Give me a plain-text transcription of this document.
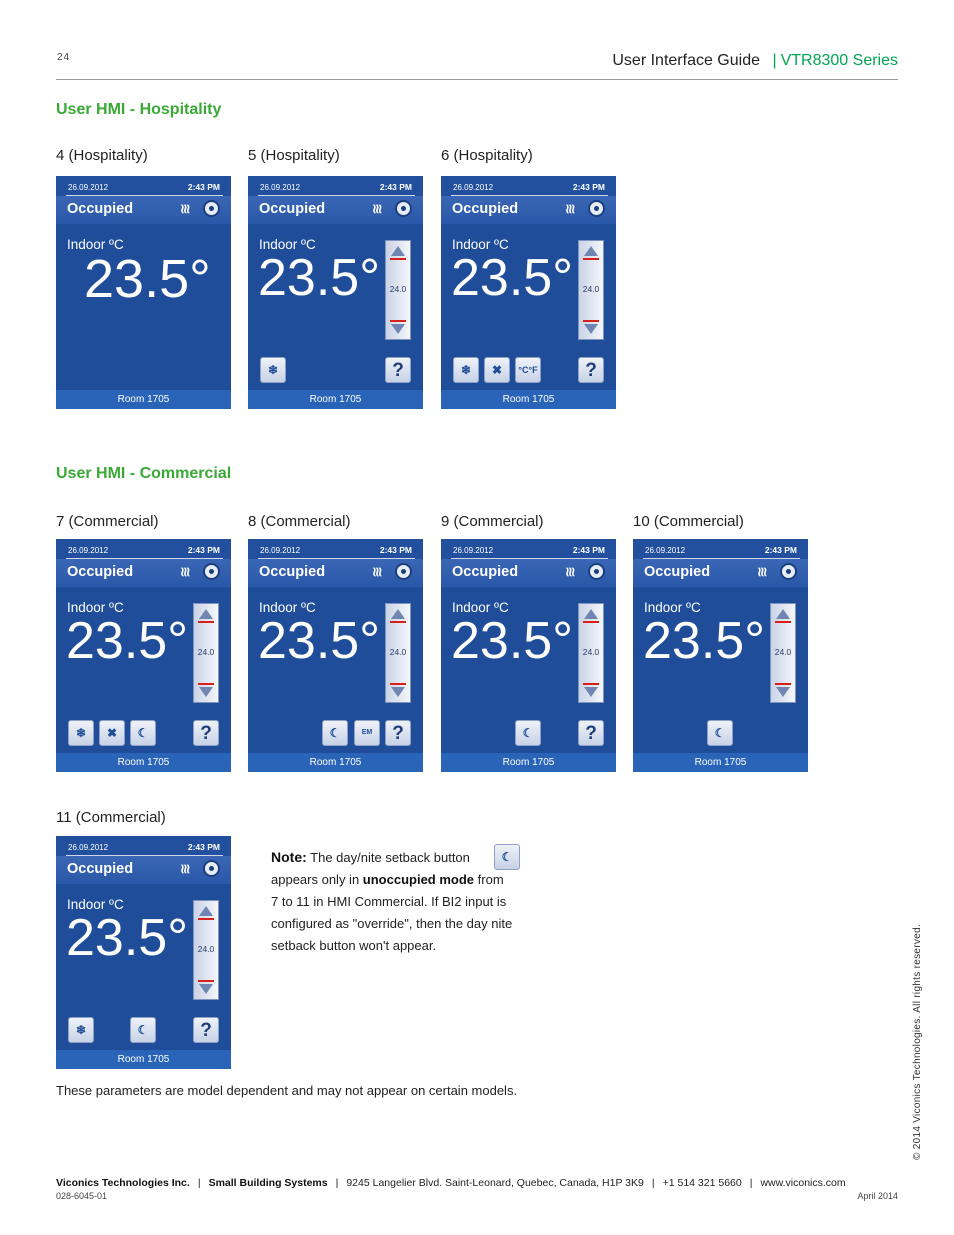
24	User Interface Guide | VTR8300 Series
User HMI - Hospitality
4 (Hospitality)
26.09.2012	2:43 PM
Occupied	≀≀≀
Indoor ºC
23.5°
Room 1705
5 (Hospitality)
26.09.2012	2:43 PM
Occupied	≀≀≀
Indoor ºC
23.5°	24.0
❄	?
Room 1705
6 (Hospitality)
26.09.2012	2:43 PM
Occupied	≀≀≀
Indoor ºC
23.5°	24.0
❄	✖	°C°F	?
Room 1705
User HMI - Commercial
7 (Commercial)
26.09.2012	2:43 PM
Occupied	≀≀≀
Indoor ºC
23.5°	24.0
❄	✖	☾	?
Room 1705
8 (Commercial)
26.09.2012	2:43 PM
Occupied	≀≀≀
Indoor ºC
23.5°	24.0
☾	EM	?
Room 1705
9 (Commercial)
26.09.2012	2:43 PM
Occupied	≀≀≀
Indoor ºC
23.5°	24.0
☾	?
Room 1705
10 (Commercial)
26.09.2012	2:43 PM
Occupied	≀≀≀
Indoor ºC
23.5°	24.0
☾
Room 1705
11 (Commercial)
26.09.2012	2:43 PM
Occupied	≀≀≀
Indoor ºC
23.5°	24.0
❄	☾	?
Room 1705
Note: The day/nite setback button
appears only in unoccupied mode from
7 to 11 in HMI Commercial. If BI2 input is configured as "override", then the day nite setback button won't appear.
☾
These parameters are model dependent and may not appear on certain models.	© 2014 Viconics Technologies. All rights reserved.
Viconics Technologies Inc. | Small Building Systems | 9245 Langelier Blvd. Saint-Leonard, Quebec, Canada, H1P 3K9 | +1 514 321 5660 | www.viconics.com
028-6045-01	April 2014
